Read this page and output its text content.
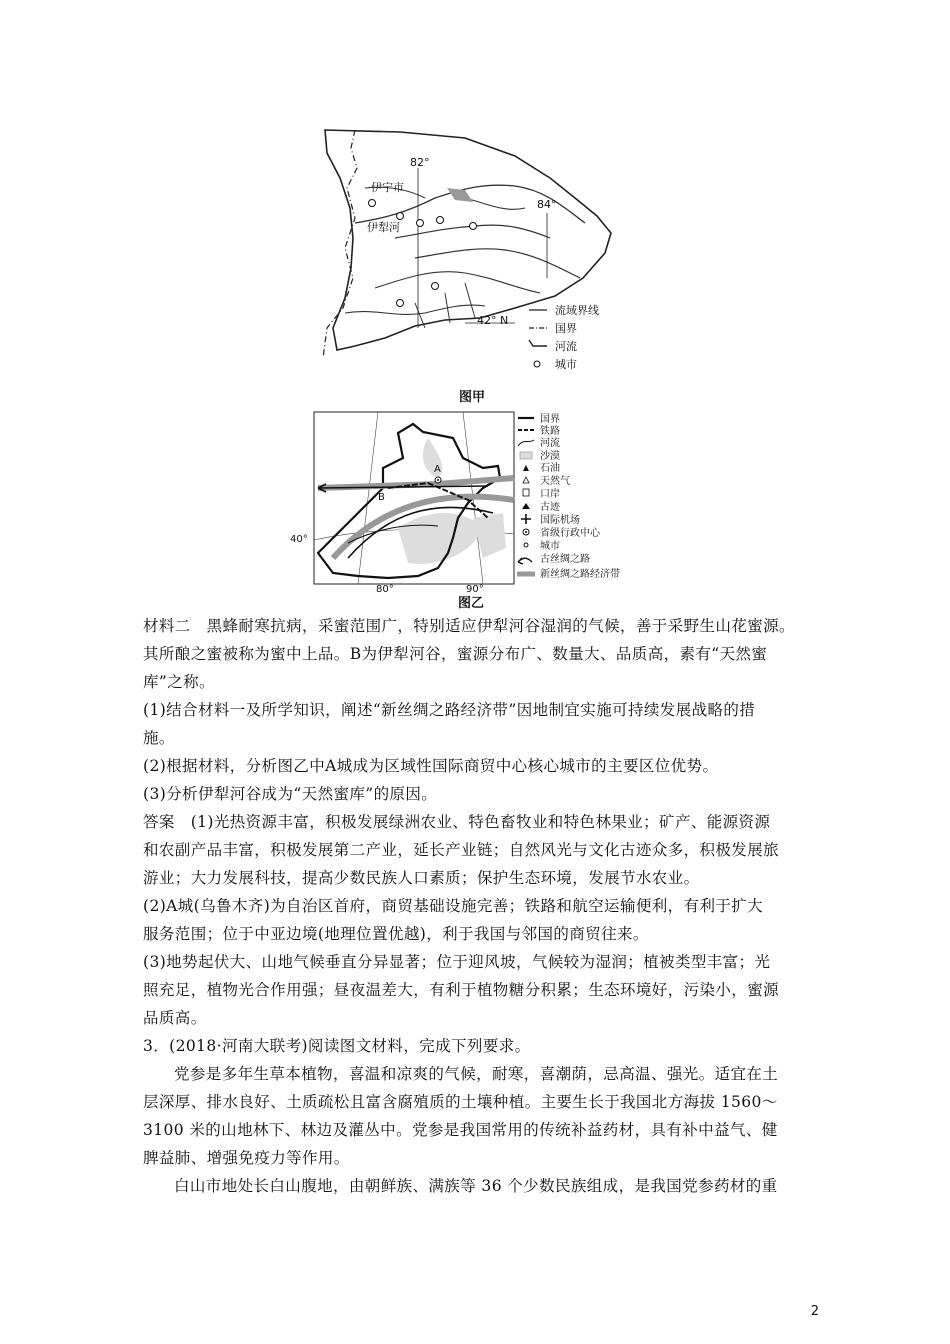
82°
84°
42° N
伊宁市
伊犁河
流域界线
国界
河流
城市
图甲
A
B
40°
80°	90°
国界
铁路
河流
沙漠
石油
天然气
口岸
古迹
国际机场
省级行政中心
城市
古丝绸之路
新丝绸之路经济带
图乙

材料二　黑蜂耐寒抗病，采蜜范围广，特别适应伊犁河谷湿润的气候，善于采野生山花蜜源。

其所酿之蜜被称为蜜中上品。B为伊犁河谷，蜜源分布广、数量大、品质高，素有“天然蜜

库”之称。

(1)结合材料一及所学知识，阐述“新丝绸之路经济带”因地制宜实施可持续发展战略的措

施。

(2)根据材料，分析图乙中A城成为区域性国际商贸中心核心城市的主要区位优势。

(3)分析伊犁河谷成为“天然蜜库”的原因。

答案　(1)光热资源丰富，积极发展绿洲农业、特色畜牧业和特色林果业；矿产、能源资源

和农副产品丰富，积极发展第二产业，延长产业链；自然风光与文化古迹众多，积极发展旅

游业；大力发展科技，提高少数民族人口素质；保护生态环境，发展节水农业。

(2)A城(乌鲁木齐)为自治区首府，商贸基础设施完善；铁路和航空运输便利，有利于扩大

服务范围；位于中亚边境(地理位置优越)，利于我国与邻国的商贸往来。

(3)地势起伏大、山地气候垂直分异显著；位于迎风坡，气候较为湿润；植被类型丰富；光

照充足，植物光合作用强；昼夜温差大，有利于植物糖分积累；生态环境好，污染小，蜜源

品质高。

3．(2018·河南大联考)阅读图文材料，完成下列要求。

党参是多年生草本植物，喜温和凉爽的气候，耐寒，喜潮荫，忌高温、强光。适宜在土

层深厚、排水良好、土质疏松且富含腐殖质的土壤种植。主要生长于我国北方海拔 1560～

3100 米的山地林下、林边及灌丛中。党参是我国常用的传统补益药材，具有补中益气、健

脾益肺、增强免疫力等作用。

白山市地处长白山腹地，由朝鲜族、满族等 36 个少数民族组成，是我国党参药材的重

2
